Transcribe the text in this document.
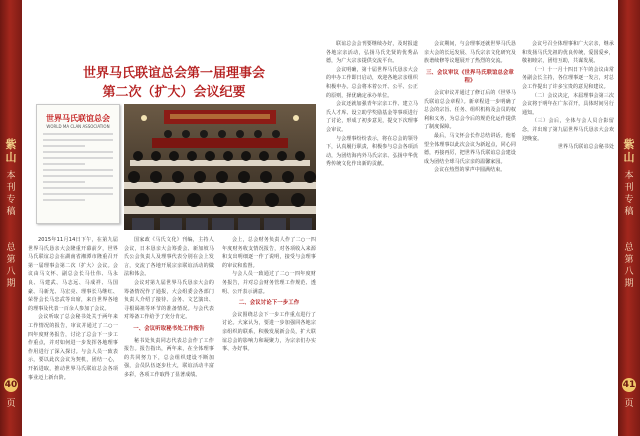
紫山
本刊专稿
总第八期
40
页
紫山
本刊专稿
总第八期
41
页
世界马氏联谊总会第一届理事会
第二次（扩大）会议纪要
世界马氏联谊总会
WORLD MA CLAN ASSOCIATION

2015年11月14日下午，在第九届世界马氏恳亲大会隆重开幕前夕，世界马氏联谊总会在湖南省湘潭市隆重召开第一届理事会第二次（扩大）会议。会议由马文怀、副总会长马仕伟、马永良、马建武、马志远、马成祥、马国豪、马新光、马宏亮、理事长马继红、荣誉会长马忠武等出席，来自世界各地的理事及代表一百余人参加了会议。

会议听取了总会秘书处关于两年来工作情况的报告，审议并通过了二○一四年度财务报告，讨论了总会下一步工作重点，并对如何进一步发挥各地理事作用进行了深入探讨。与会人员一致表示，要以此次会议为契机，团结一心，开拓进取，推动世界马氏联谊总会各项事业迈上新台阶。

国家政《马氏文化》刊编，主持人会议，日本恳亲大会筹委会、新加坡马氏公会负责人及理事代表分别在会上发言，交流了各地开展宗亲联谊活动的做法和体会。

会议对第九届世界马氏恳亲大会的筹备情况作了通报，大会组委会各部门负责人介绍了接待、会务、文艺演出、寻根谒祖等环节的准备情况。与会代表对筹备工作给予了充分肯定。

一、会议听取秘书处工作报告

秘书处负责同志代表总会作了工作报告。报告指出，两年来，在全体理事的共同努力下，总会组织建设不断加强，会员队伍逐步壮大，联谊活动丰富多彩，各项工作取得了显著成绩。

会上，总会财务负责人作了二○一四年度财务收支情况报告，对各项收入来源和支出明细逐一作了说明，接受与会理事的审议和监督。

与会人员一致通过了二○一四年度财务报告，并对总会财务管理工作规范、透明、公开表示满意。

二、会议讨论下一步工作

会议围绕总会下一步工作重点进行了讨论。大家认为，要进一步加强同各地宗亲组织的联系，积极发展新会员，扩大联谊总会的影响力和凝聚力，为宗亲们办实事、办好事。

联谊总会会刊要继续办好，及时报道各地宗亲活动，弘扬马氏先贤的优秀品德，为广大宗亲提供交流平台。

会议明确，第十届世界马氏恳亲大会的申办工作即日启动，欢迎各地宗亲组织积极申办。总会将本着公开、公平、公正的原则，择优确定承办单位。

会议还就加强青年宗亲工作、建立马氏人才库、设立助学奖励基金等事项进行了讨论，形成了初步意见，提交下次理事会审议。

与会理事纷纷表示，将在总会的领导下，认真履行职责，积极参与总会各项活动，为团结海内外马氏宗亲、弘扬中华优秀传统文化作出新的贡献。

会议期间，与会理事还就世界马氏恳亲大会的长远发展、马氏宗亲文化研究及族谱续修等议题展开了热烈的交流。

三、会议审议《世界马氏联谊总会章程》

会议审议并通过了修订后的《世界马氏联谊总会章程》。新章程进一步明确了总会的宗旨、任务、组织机构及会员的权利和义务，为总会今后的规范化运作提供了制度保障。

最后，马文怀会长作总结讲话。他希望全体理事以此次会议为新起点，同心同德，再接再厉，把世界马氏联谊总会建设成为团结全球马氏宗亲的温馨家园。

会议在热烈的掌声中圆满结束。

会议号召全体理事和广大宗亲，继承和发扬马氏先祖的优良传统，爱国爱乡，敬祖睦宗，团结互助，共谋发展。

（一）十一月十四日下午的会议由常务副会长主持，各位理事逐一发言，对总会工作提出了许多宝贵的意见和建议。

（二）会议决定，本届理事会第三次会议将于明年在广东召开，具体时间另行通知。

（三）会后，全体与会人员合影留念，并出席了第九届世界马氏恳亲大会欢迎晚宴。

世界马氏联谊总会秘书处
